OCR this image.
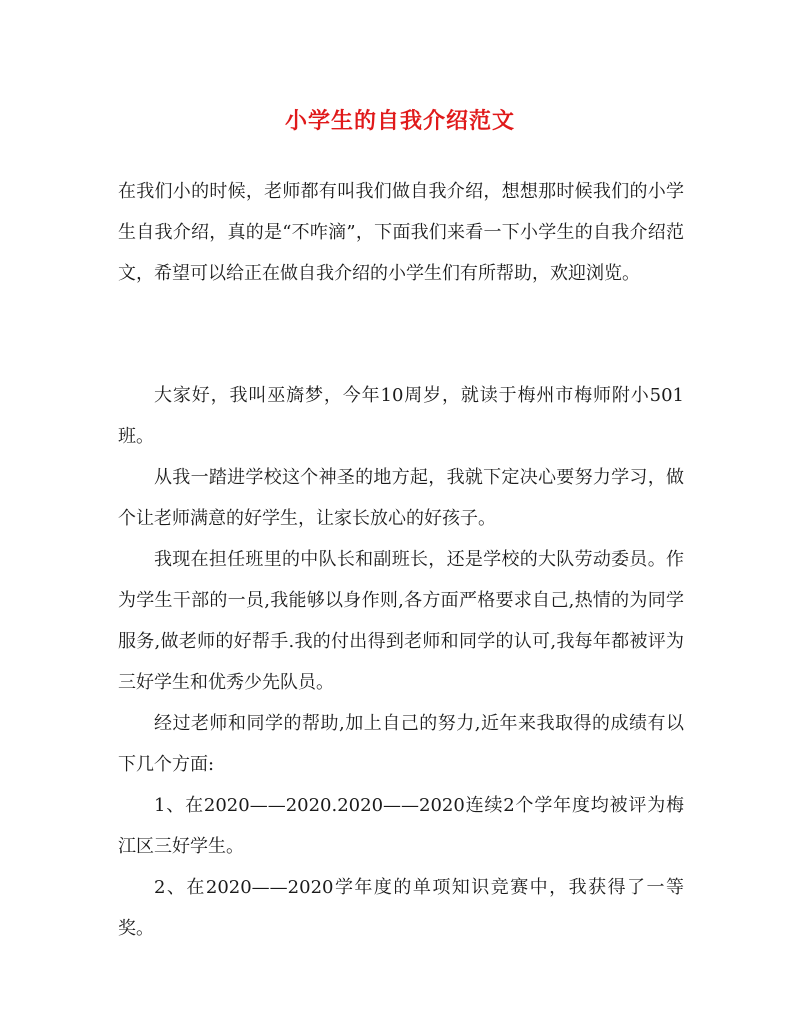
小学生的自我介绍范文

在我们小的时候，老师都有叫我们做自我介绍，想想那时候我们的小学生自我介绍，真的是“不咋滴”，下面我们来看一下小学生的自我介绍范文，希望可以给正在做自我介绍的小学生们有所帮助，欢迎浏览。

大家好，我叫巫旖梦，今年10周岁，就读于梅州市梅师附小501班。

从我一踏进学校这个神圣的地方起，我就下定决心要努力学习，做个让老师满意的好学生，让家长放心的好孩子。

我现在担任班里的中队长和副班长，还是学校的大队劳动委员。作为学生干部的一员,我能够以身作则,各方面严格要求自己,热情的为同学服务,做老师的好帮手.我的付出得到老师和同学的认可,我每年都被评为三好学生和优秀少先队员。

经过老师和同学的帮助,加上自己的努力,近年来我取得的成绩有以下几个方面:

1、在2020——2020.2020——2020连续2个学年度均被评为梅江区三好学生。

2、在2020——2020学年度的单项知识竞赛中，我获得了一等奖。
